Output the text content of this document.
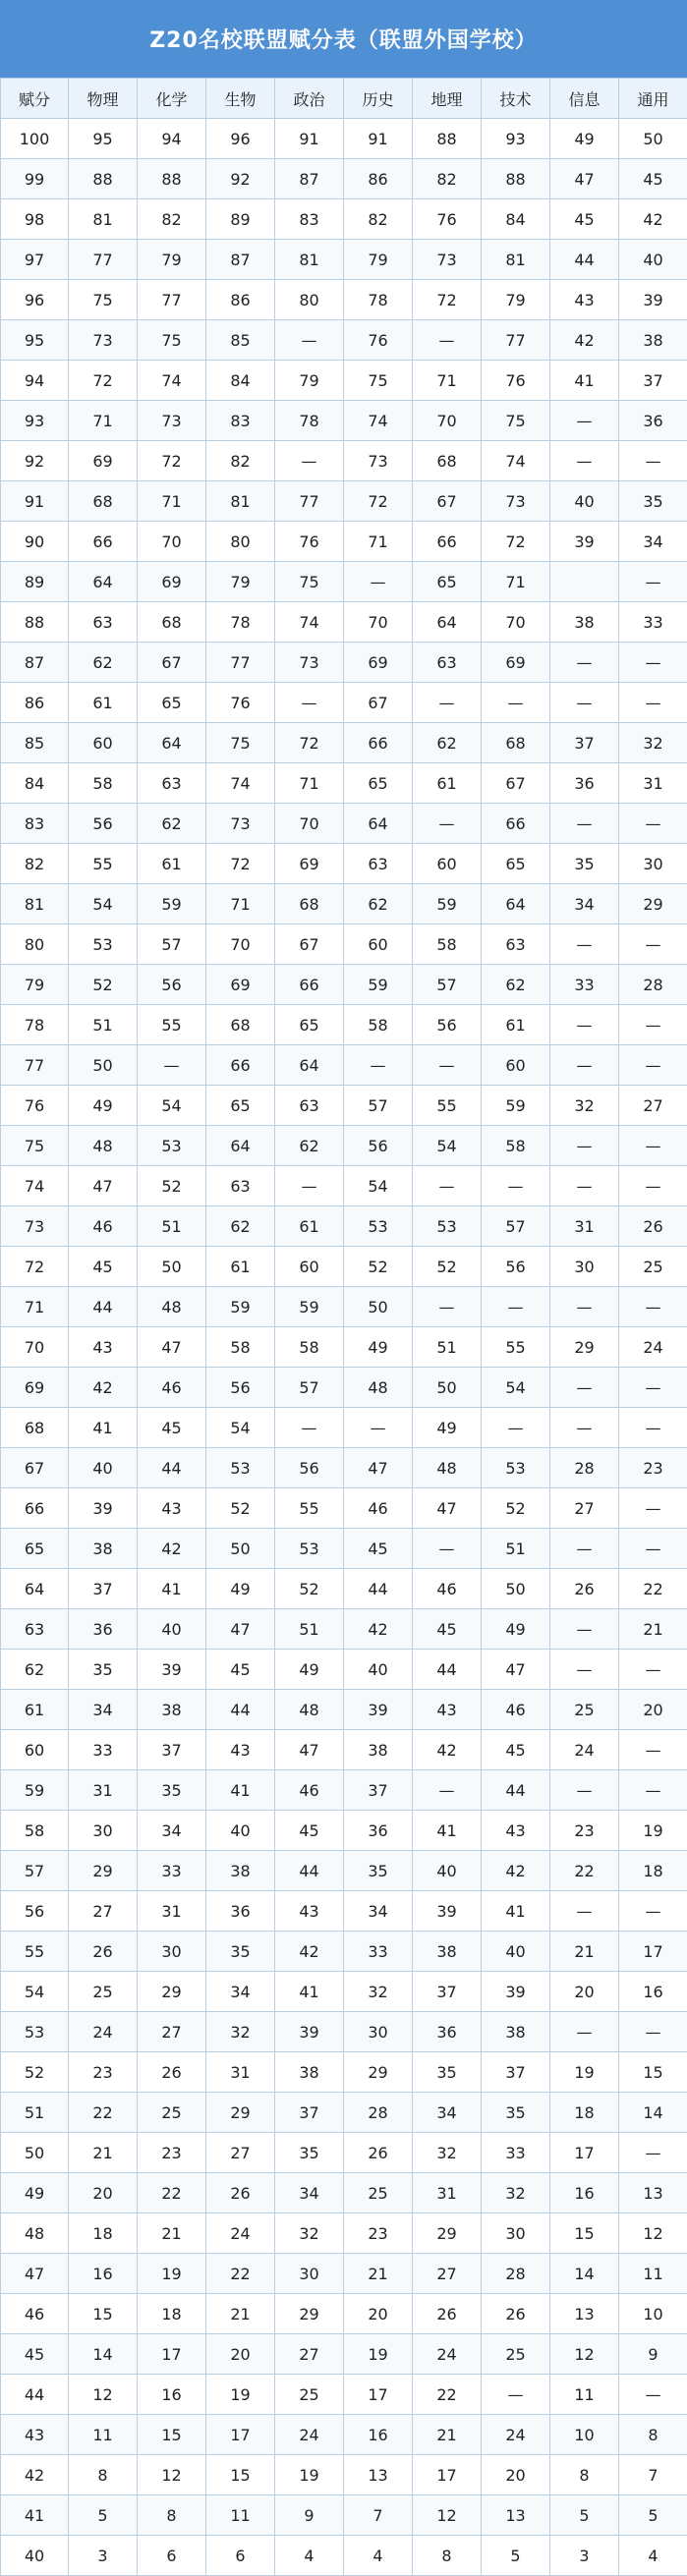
Z20名校联盟赋分表（联盟外国学校）
赋分	物理	化学	生物	政治	历史	地理	技术	信息	通用
100	95	94	96	91	91	88	93	49	50
99	88	88	92	87	86	82	88	47	45
98	81	82	89	83	82	76	84	45	42
97	77	79	87	81	79	73	81	44	40
96	75	77	86	80	78	72	79	43	39
95	73	75	85	—	76	—	77	42	38
94	72	74	84	79	75	71	76	41	37
93	71	73	83	78	74	70	75	—	36
92	69	72	82	—	73	68	74	—	—
91	68	71	81	77	72	67	73	40	35
90	66	70	80	76	71	66	72	39	34
89	64	69	79	75	—	65	71		—
88	63	68	78	74	70	64	70	38	33
87	62	67	77	73	69	63	69	—	—
86	61	65	76	—	67	—	—	—	—
85	60	64	75	72	66	62	68	37	32
84	58	63	74	71	65	61	67	36	31
83	56	62	73	70	64	—	66	—	—
82	55	61	72	69	63	60	65	35	30
81	54	59	71	68	62	59	64	34	29
80	53	57	70	67	60	58	63	—	—
79	52	56	69	66	59	57	62	33	28
78	51	55	68	65	58	56	61	—	—
77	50	—	66	64	—	—	60	—	—
76	49	54	65	63	57	55	59	32	27
75	48	53	64	62	56	54	58	—	—
74	47	52	63	—	54	—	—	—	—
73	46	51	62	61	53	53	57	31	26
72	45	50	61	60	52	52	56	30	25
71	44	48	59	59	50	—	—	—	—
70	43	47	58	58	49	51	55	29	24
69	42	46	56	57	48	50	54	—	—
68	41	45	54	—	—	49	—	—	—
67	40	44	53	56	47	48	53	28	23
66	39	43	52	55	46	47	52	27	—
65	38	42	50	53	45	—	51	—	—
64	37	41	49	52	44	46	50	26	22
63	36	40	47	51	42	45	49	—	21
62	35	39	45	49	40	44	47	—	—
61	34	38	44	48	39	43	46	25	20
60	33	37	43	47	38	42	45	24	—
59	31	35	41	46	37	—	44	—	—
58	30	34	40	45	36	41	43	23	19
57	29	33	38	44	35	40	42	22	18
56	27	31	36	43	34	39	41	—	—
55	26	30	35	42	33	38	40	21	17
54	25	29	34	41	32	37	39	20	16
53	24	27	32	39	30	36	38	—	—
52	23	26	31	38	29	35	37	19	15
51	22	25	29	37	28	34	35	18	14
50	21	23	27	35	26	32	33	17	—
49	20	22	26	34	25	31	32	16	13
48	18	21	24	32	23	29	30	15	12
47	16	19	22	30	21	27	28	14	11
46	15	18	21	29	20	26	26	13	10
45	14	17	20	27	19	24	25	12	9
44	12	16	19	25	17	22	—	11	—
43	11	15	17	24	16	21	24	10	8
42	8	12	15	19	13	17	20	8	7
41	5	8	11	9	7	12	13	5	5
40	3	6	6	4	4	8	5	3	4
